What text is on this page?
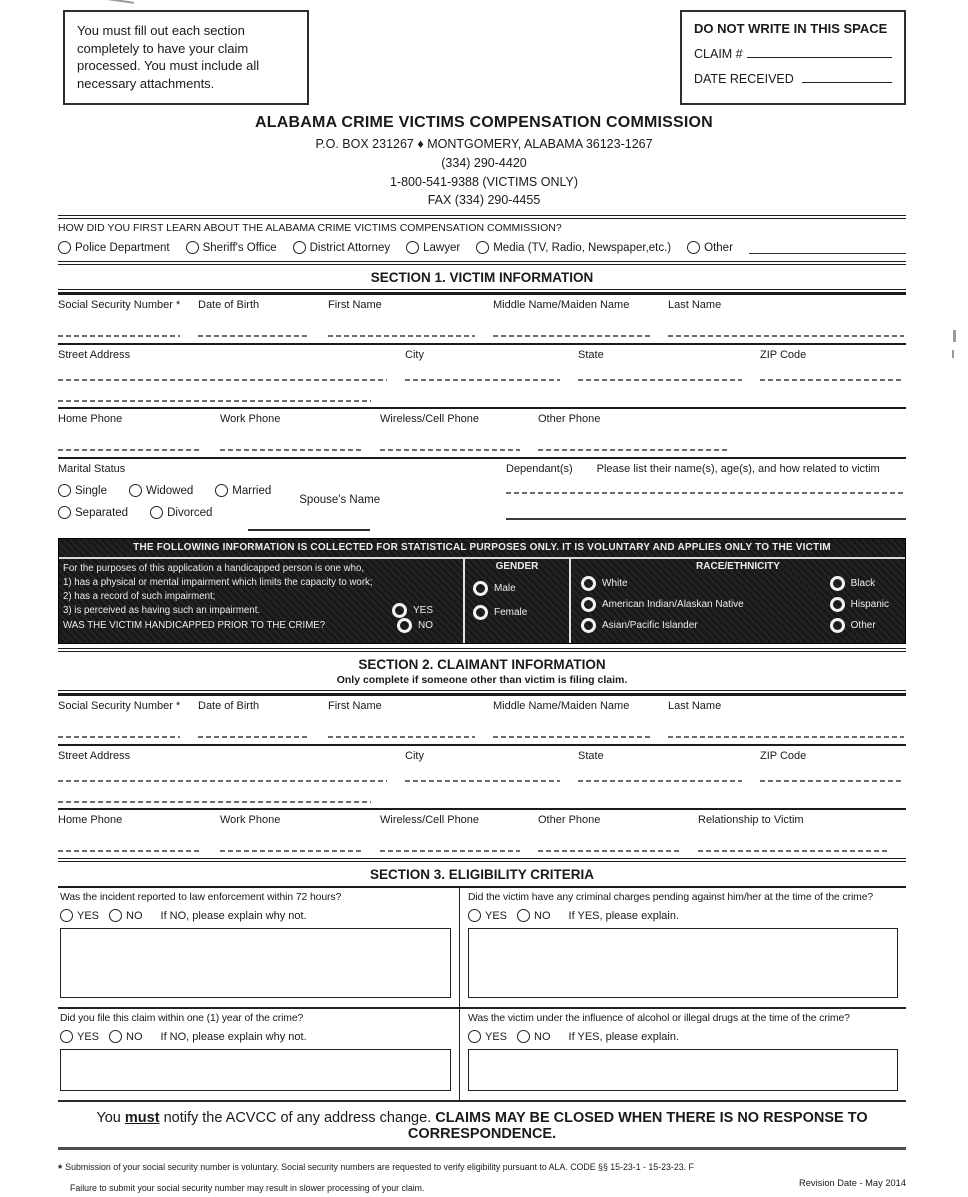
You must fill out each section completely to have your claim processed. You must include all necessary attachments.
DO NOT WRITE IN THIS SPACE
CLAIM #
DATE RECEIVED
ALABAMA CRIME VICTIMS COMPENSATION COMMISSION
P.O. BOX 231267 ♦ MONTGOMERY, ALABAMA 36123-1267
(334) 290-4420
1-800-541-9388 (VICTIMS ONLY)
FAX (334) 290-4455
HOW DID YOU FIRST LEARN ABOUT THE ALABAMA CRIME VICTIMS COMPENSATION COMMISSION?
Police Department	Sheriff's Office	District Attorney	Lawyer	Media (TV, Radio, Newspaper,etc.)	Other
SECTION 1. VICTIM INFORMATION
Social Security Number *	Date of Birth	First Name	Middle Name/Maiden Name	Last Name
Street Address	City	State	ZIP Code
Home Phone	Work Phone	Wireless/Cell Phone	Other Phone
Marital Status
Single	Widowed	Married
Spouse's Name
Separated	Divorced
Dependant(s) Please list their name(s), age(s), and how related to victim
THE FOLLOWING INFORMATION IS COLLECTED FOR STATISTICAL PURPOSES ONLY. IT IS VOLUNTARY AND APPLIES ONLY TO THE VICTIM
For the purposes of this application a handicapped person is one who,
1) has a physical or mental impairment which limits the capacity to work;
2) has a record of such impairment;
3) is perceived as having such an impairment.	YES
WAS THE VICTIM HANDICAPPED PRIOR TO THE CRIME?	NO
GENDER
Male
Female
RACE/ETHNICITY
White
American Indian/Alaskan Native
Asian/Pacific Islander
Black
Hispanic
Other
SECTION 2. CLAIMANT INFORMATION
Only complete if someone other than victim is filing claim.
Social Security Number *	Date of Birth	First Name	Middle Name/Maiden Name	Last Name
Street Address	City	State	ZIP Code
Home Phone	Work Phone	Wireless/Cell Phone	Other Phone	Relationship to Victim
SECTION 3. ELIGIBILITY CRITERIA
Was the incident reported to law enforcement within 72 hours?
YES NO If NO, please explain why not.
Did the victim have any criminal charges pending against him/her at the time of the crime?
YES NO If YES, please explain.
Did you file this claim within one (1) year of the crime?
YES NO If NO, please explain why not.
Was the victim under the influence of alcohol or illegal drugs at the time of the crime?
YES NO If YES, please explain.
You must notify the ACVCC of any address change. CLAIMS MAY BE CLOSED WHEN THERE IS NO RESPONSE TO CORRESPONDENCE.
* Submission of your social security number is voluntary. Social security numbers are requested to verify eligibility pursuant to ALA. CODE §§ 15-23-1 - 15-23-23. F
Failure to submit your social security number may result in slower processing of your claim.
Revision Date - May 2014
